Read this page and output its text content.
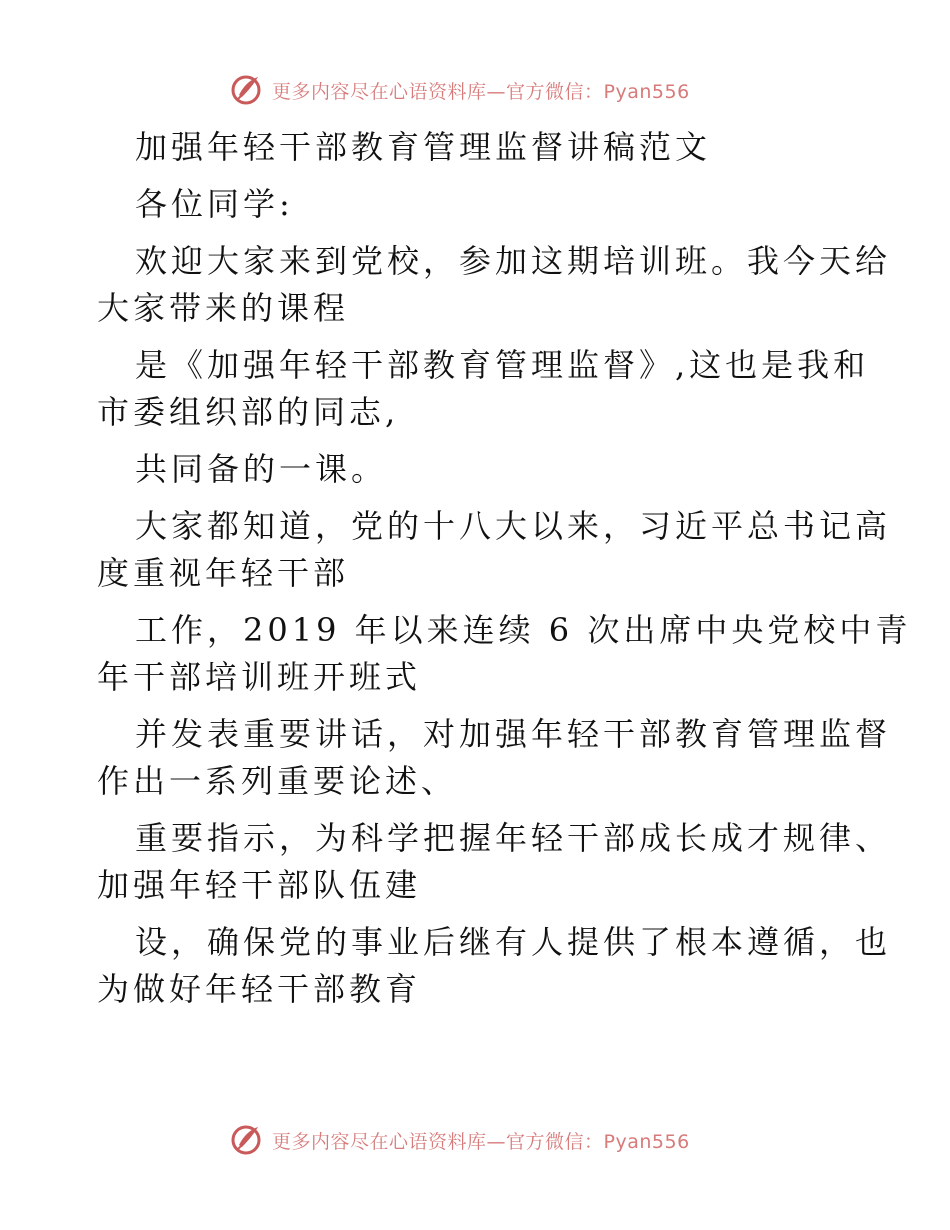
更多内容尽在心语资料库—官方微信：Pyan556
加强年轻干部教育管理监督讲稿范文
各位同学:
欢迎大家来到党校，参加这期培训班。我今天给
大家带来的课程
是《加强年轻干部教育管理监督》,这也是我和
市委组织部的同志,
共同备的一课。
大家都知道，党的十八大以来，习近平总书记高
度重视年轻干部
工作，2019 年以来连续 6 次出席中央党校中青
年干部培训班开班式
并发表重要讲话，对加强年轻干部教育管理监督
作出一系列重要论述、
重要指示，为科学把握年轻干部成长成才规律、
加强年轻干部队伍建
设，确保党的事业后继有人提供了根本遵循，也
为做好年轻干部教育
更多内容尽在心语资料库—官方微信：Pyan556
